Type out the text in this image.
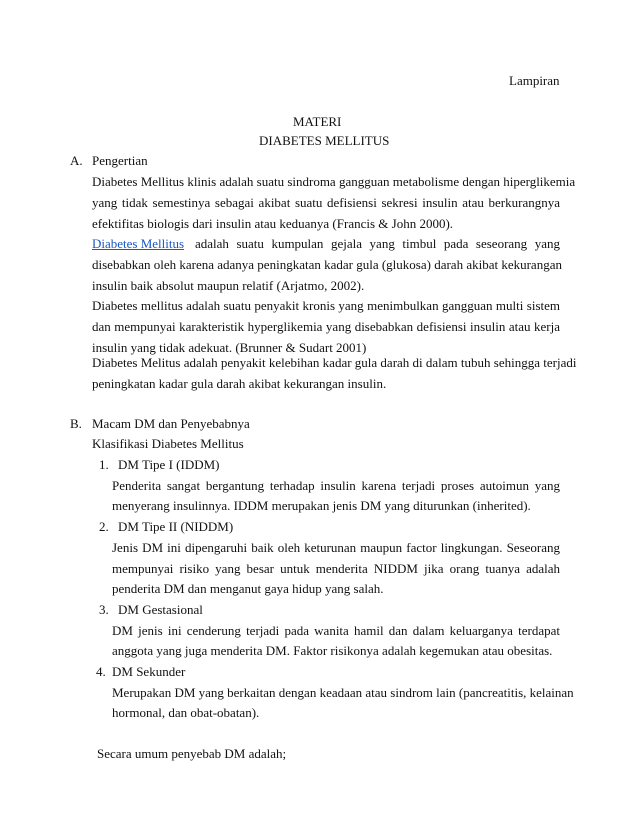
Lampiran
MATERI
DIABETES MELLITUS
A. Pengertian
Diabetes Mellitus klinis adalah suatu sindroma gangguan metabolisme dengan hiperglikemia
yang tidak semestinya sebagai akibat suatu defisiensi sekresi insulin atau berkurangnya
efektifitas biologis dari insulin atau keduanya (Francis & John 2000).
Diabetes Mellitus adalah suatu kumpulan gejala yang timbul pada seseorang yang
disebabkan oleh karena adanya peningkatan kadar gula (glukosa) darah akibat kekurangan
insulin baik absolut maupun relatif (Arjatmo, 2002).
Diabetes mellitus adalah suatu penyakit kronis yang menimbulkan gangguan multi sistem
dan mempunyai karakteristik hyperglikemia yang disebabkan defisiensi insulin atau kerja
insulin yang tidak adekuat. (Brunner & Sudart 2001)
Diabetes Melitus adalah penyakit kelebihan kadar gula darah di dalam tubuh sehingga terjadi
peningkatan kadar gula darah akibat kekurangan insulin.
B. Macam DM dan Penyebabnya
Klasifikasi Diabetes Mellitus
1. DM Tipe I (IDDM)
Penderita sangat bergantung terhadap insulin karena terjadi proses autoimun yang
menyerang insulinnya. IDDM merupakan jenis DM yang diturunkan (inherited).
2. DM Tipe II (NIDDM)
Jenis DM ini dipengaruhi baik oleh keturunan maupun factor lingkungan. Seseorang
mempunyai risiko yang besar untuk menderita NIDDM jika orang tuanya adalah
penderita DM dan menganut gaya hidup yang salah.
3. DM Gestasional
DM jenis ini cenderung terjadi pada wanita hamil dan dalam keluarganya terdapat
anggota yang juga menderita DM. Faktor risikonya adalah kegemukan atau obesitas.
4. DM Sekunder
Merupakan DM yang berkaitan dengan keadaan atau sindrom lain (pancreatitis, kelainan
hormonal, dan obat-obatan).
Secara umum penyebab DM adalah;
